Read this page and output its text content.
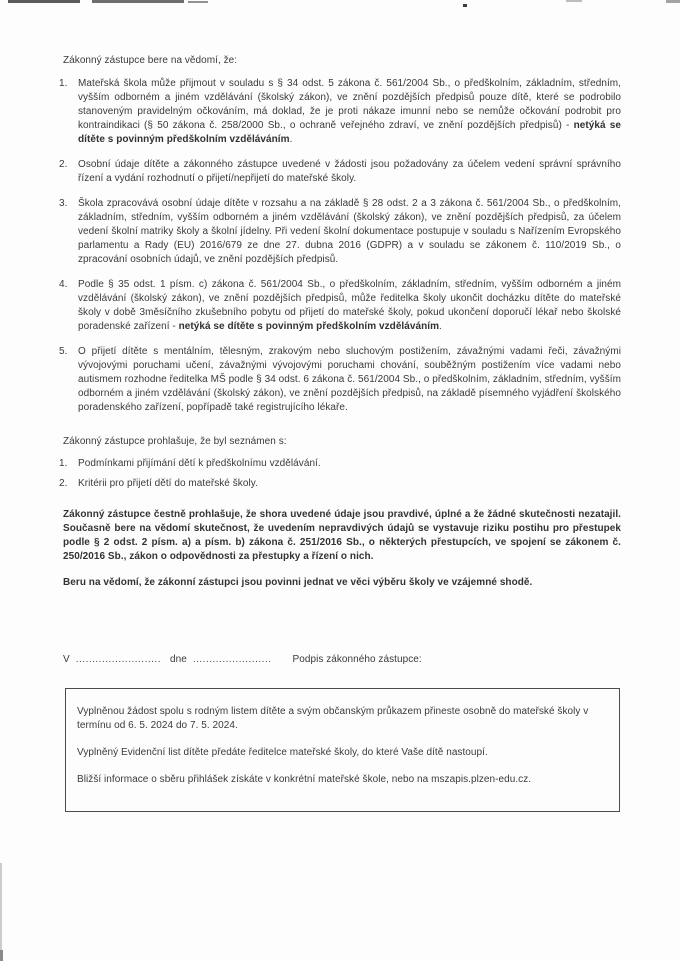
Zákonný zástupce bere na vědomí, že:

1. Mateřská škola může přijmout v souladu s § 34 odst. 5 zákona č. 561/2004 Sb., o předškolním, základním, středním, vyšším odborném a jiném vzdělávání (školský zákon), ve znění pozdějších předpisů pouze dítě, které se podrobilo stanoveným pravidelným očkováním, má doklad, že je proti nákaze imunní nebo se nemůže očkování podrobit pro kontraindikaci (§ 50 zákona č. 258/2000 Sb., o ochraně veřejného zdraví, ve znění pozdějších předpisů) - netýká se dítěte s povinným předškolním vzděláváním.
2. Osobní údaje dítěte a zákonného zástupce uvedené v žádosti jsou požadovány za účelem vedení správní správního řízení a vydání rozhodnutí o přijetí/nepřijetí do mateřské školy.
3. Škola zpracovává osobní údaje dítěte v rozsahu a na základě § 28 odst. 2 a 3 zákona č. 561/2004 Sb., o předškolním, základním, středním, vyšším odborném a jiném vzdělávání (školský zákon), ve znění pozdějších předpisů, za účelem vedení školní matriky školy a školní jídelny. Při vedení školní dokumentace postupuje v souladu s Nařízením Evropského parlamentu a Rady (EU) 2016/679 ze dne 27. dubna 2016 (GDPR) a v souladu se zákonem č. 110/2019 Sb., o zpracování osobních údajů, ve znění pozdějších předpisů.
4. Podle § 35 odst. 1 písm. c) zákona č. 561/2004 Sb., o předškolním, základním, středním, vyšším odborném a jiném vzdělávání (školský zákon), ve znění pozdějších předpisů, může ředitelka školy ukončit docházku dítěte do mateřské školy v době 3měsíčního zkušebního pobytu od přijetí do mateřské školy, pokud ukončení doporučí lékař nebo školské poradenské zařízení - netýká se dítěte s povinným předškolním vzděláváním.
5. O přijetí dítěte s mentálním, tělesným, zrakovým nebo sluchovým postižením, závažnými vadami řeči, závažnými vývojovými poruchami učení, závažnými vývojovými poruchami chování, souběžným postižením více vadami nebo autismem rozhodne ředitelka MŠ podle § 34 odst. 6 zákona č. 561/2004 Sb., o předškolním, základním, středním, vyšším odborném a jiném vzdělávání (školský zákon), ve znění pozdějších předpisů, na základě písemného vyjádření školského poradenského zařízení, popřípadě také registrujícího lékaře.

Zákonný zástupce prohlašuje, že byl seznámen s:

1. Podmínkami přijímání dětí k předškolnímu vzdělávání.
2. Kritérii pro přijetí dětí do mateřské školy.

Zákonný zástupce čestně prohlašuje, že shora uvedené údaje jsou pravdivé, úplné a že žádné skutečnosti nezatajil. Současně bere na vědomí skutečnost, že uvedením nepravdivých údajů se vystavuje riziku postihu pro přestupek podle § 2 odst. 2 písm. a) a písm. b) zákona č. 251/2016 Sb., o některých přestupcích, ve spojení se zákonem č. 250/2016 Sb., zákon o odpovědnosti za přestupky a řízení o nich.

Beru na vědomí, že zákonní zástupci jsou povinni jednat ve věci výběru školy ve vzájemné shodě.

V .......................... dne ........................ Podpis zákonného zástupce:

Vyplněnou žádost spolu s rodným listem dítěte a svým občanským průkazem přineste osobně do mateřské školy v termínu od 6. 5. 2024 do 7. 5. 2024.

Vyplněný Evidenční list dítěte předáte ředitelce mateřské školy, do které Vaše dítě nastoupí.

Bližší informace o sběru přihlášek získáte v konkrétní mateřské škole, nebo na mszapis.plzen-edu.cz.
